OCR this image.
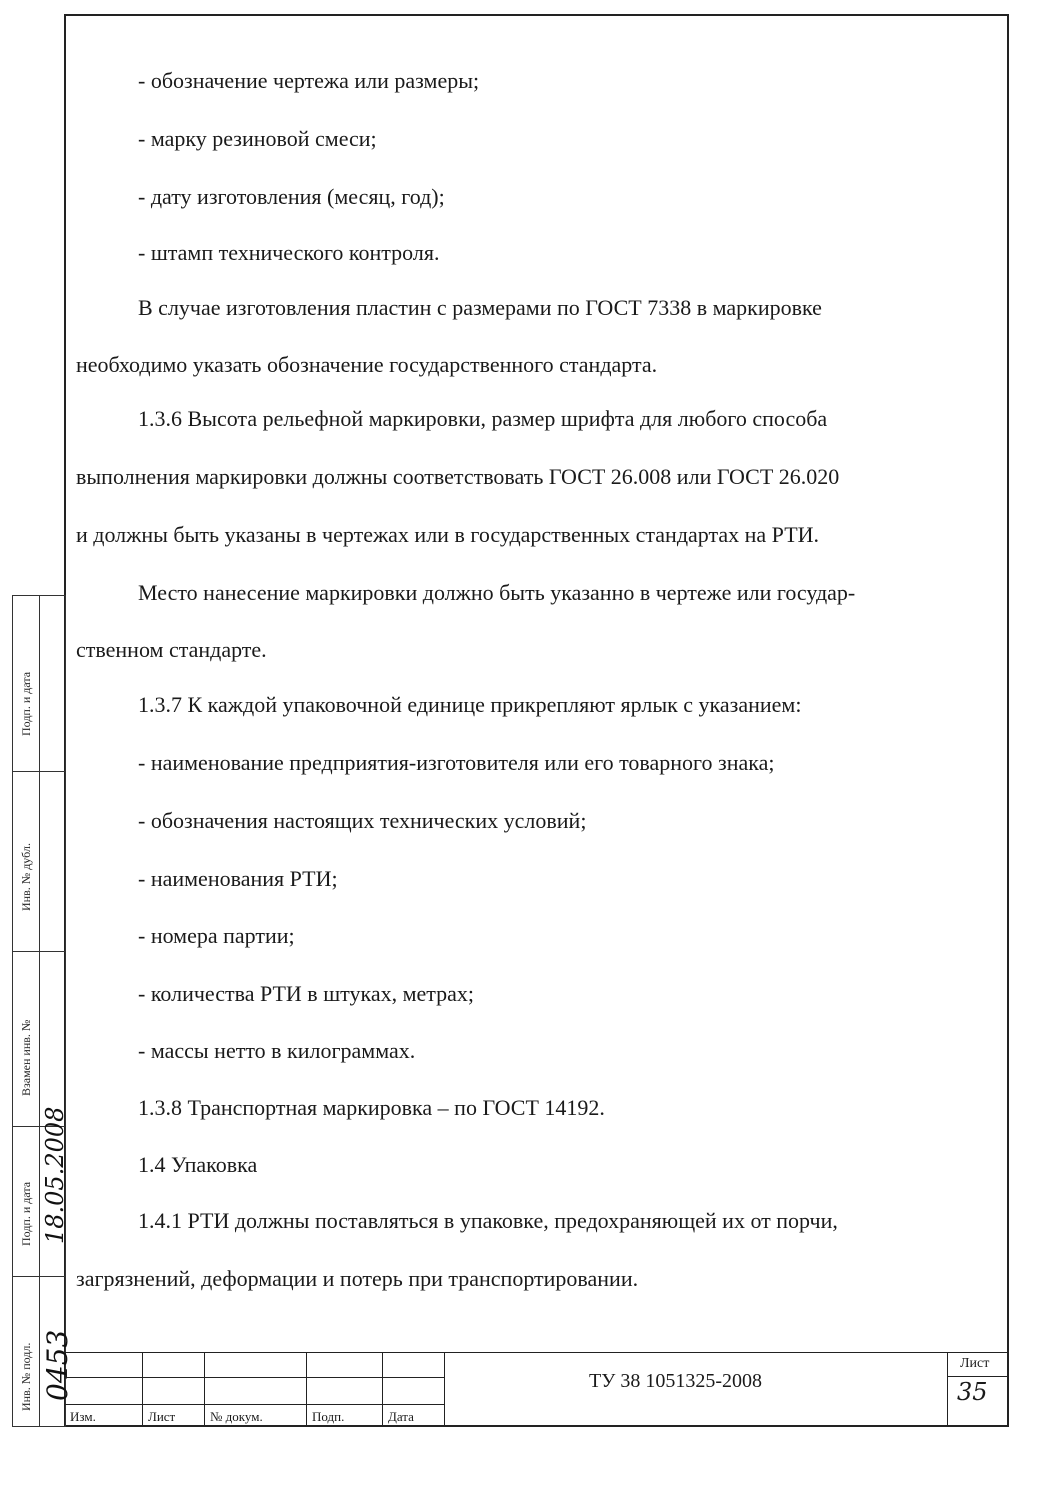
- обозначение чертежа или размеры;
- марку резиновой смеси;
- дату изготовления (месяц, год);
- штамп технического контроля.
В случае изготовления пластин с размерами по ГОСТ 7338 в маркировке
необходимо указать обозначение государственного стандарта.
1.3.6 Высота рельефной маркировки, размер шрифта для любого способа
выполнения маркировки должны соответствовать ГОСТ 26.008 или ГОСТ 26.020
и должны быть указаны в чертежах или в государственных стандартах на РТИ.
Место нанесение маркировки должно быть указанно в чертеже или государ-
ственном стандарте.
1.3.7 К каждой упаковочной единице прикрепляют ярлык с указанием:
- наименование предприятия-изготовителя или его товарного знака;
- обозначения настоящих технических условий;
- наименования РТИ;
- номера партии;
- количества РТИ в штуках, метрах;
- массы нетто в килограммах.
1.3.8 Транспортная маркировка – по ГОСТ 14192.
1.4 Упаковка
1.4.1 РТИ должны поставляться в упаковке, предохраняющей их от порчи,
загрязнений, деформации и потерь при транспортировании.
Подп. и дата
Инв. № дубл.
Взамен инв. №
Подп. и дата
Инв. № подл.
18.05.2008
0453
Изм.	Лист	№ докум.	Подп.	Дата
ТУ 38 1051325-2008
Лист
35
